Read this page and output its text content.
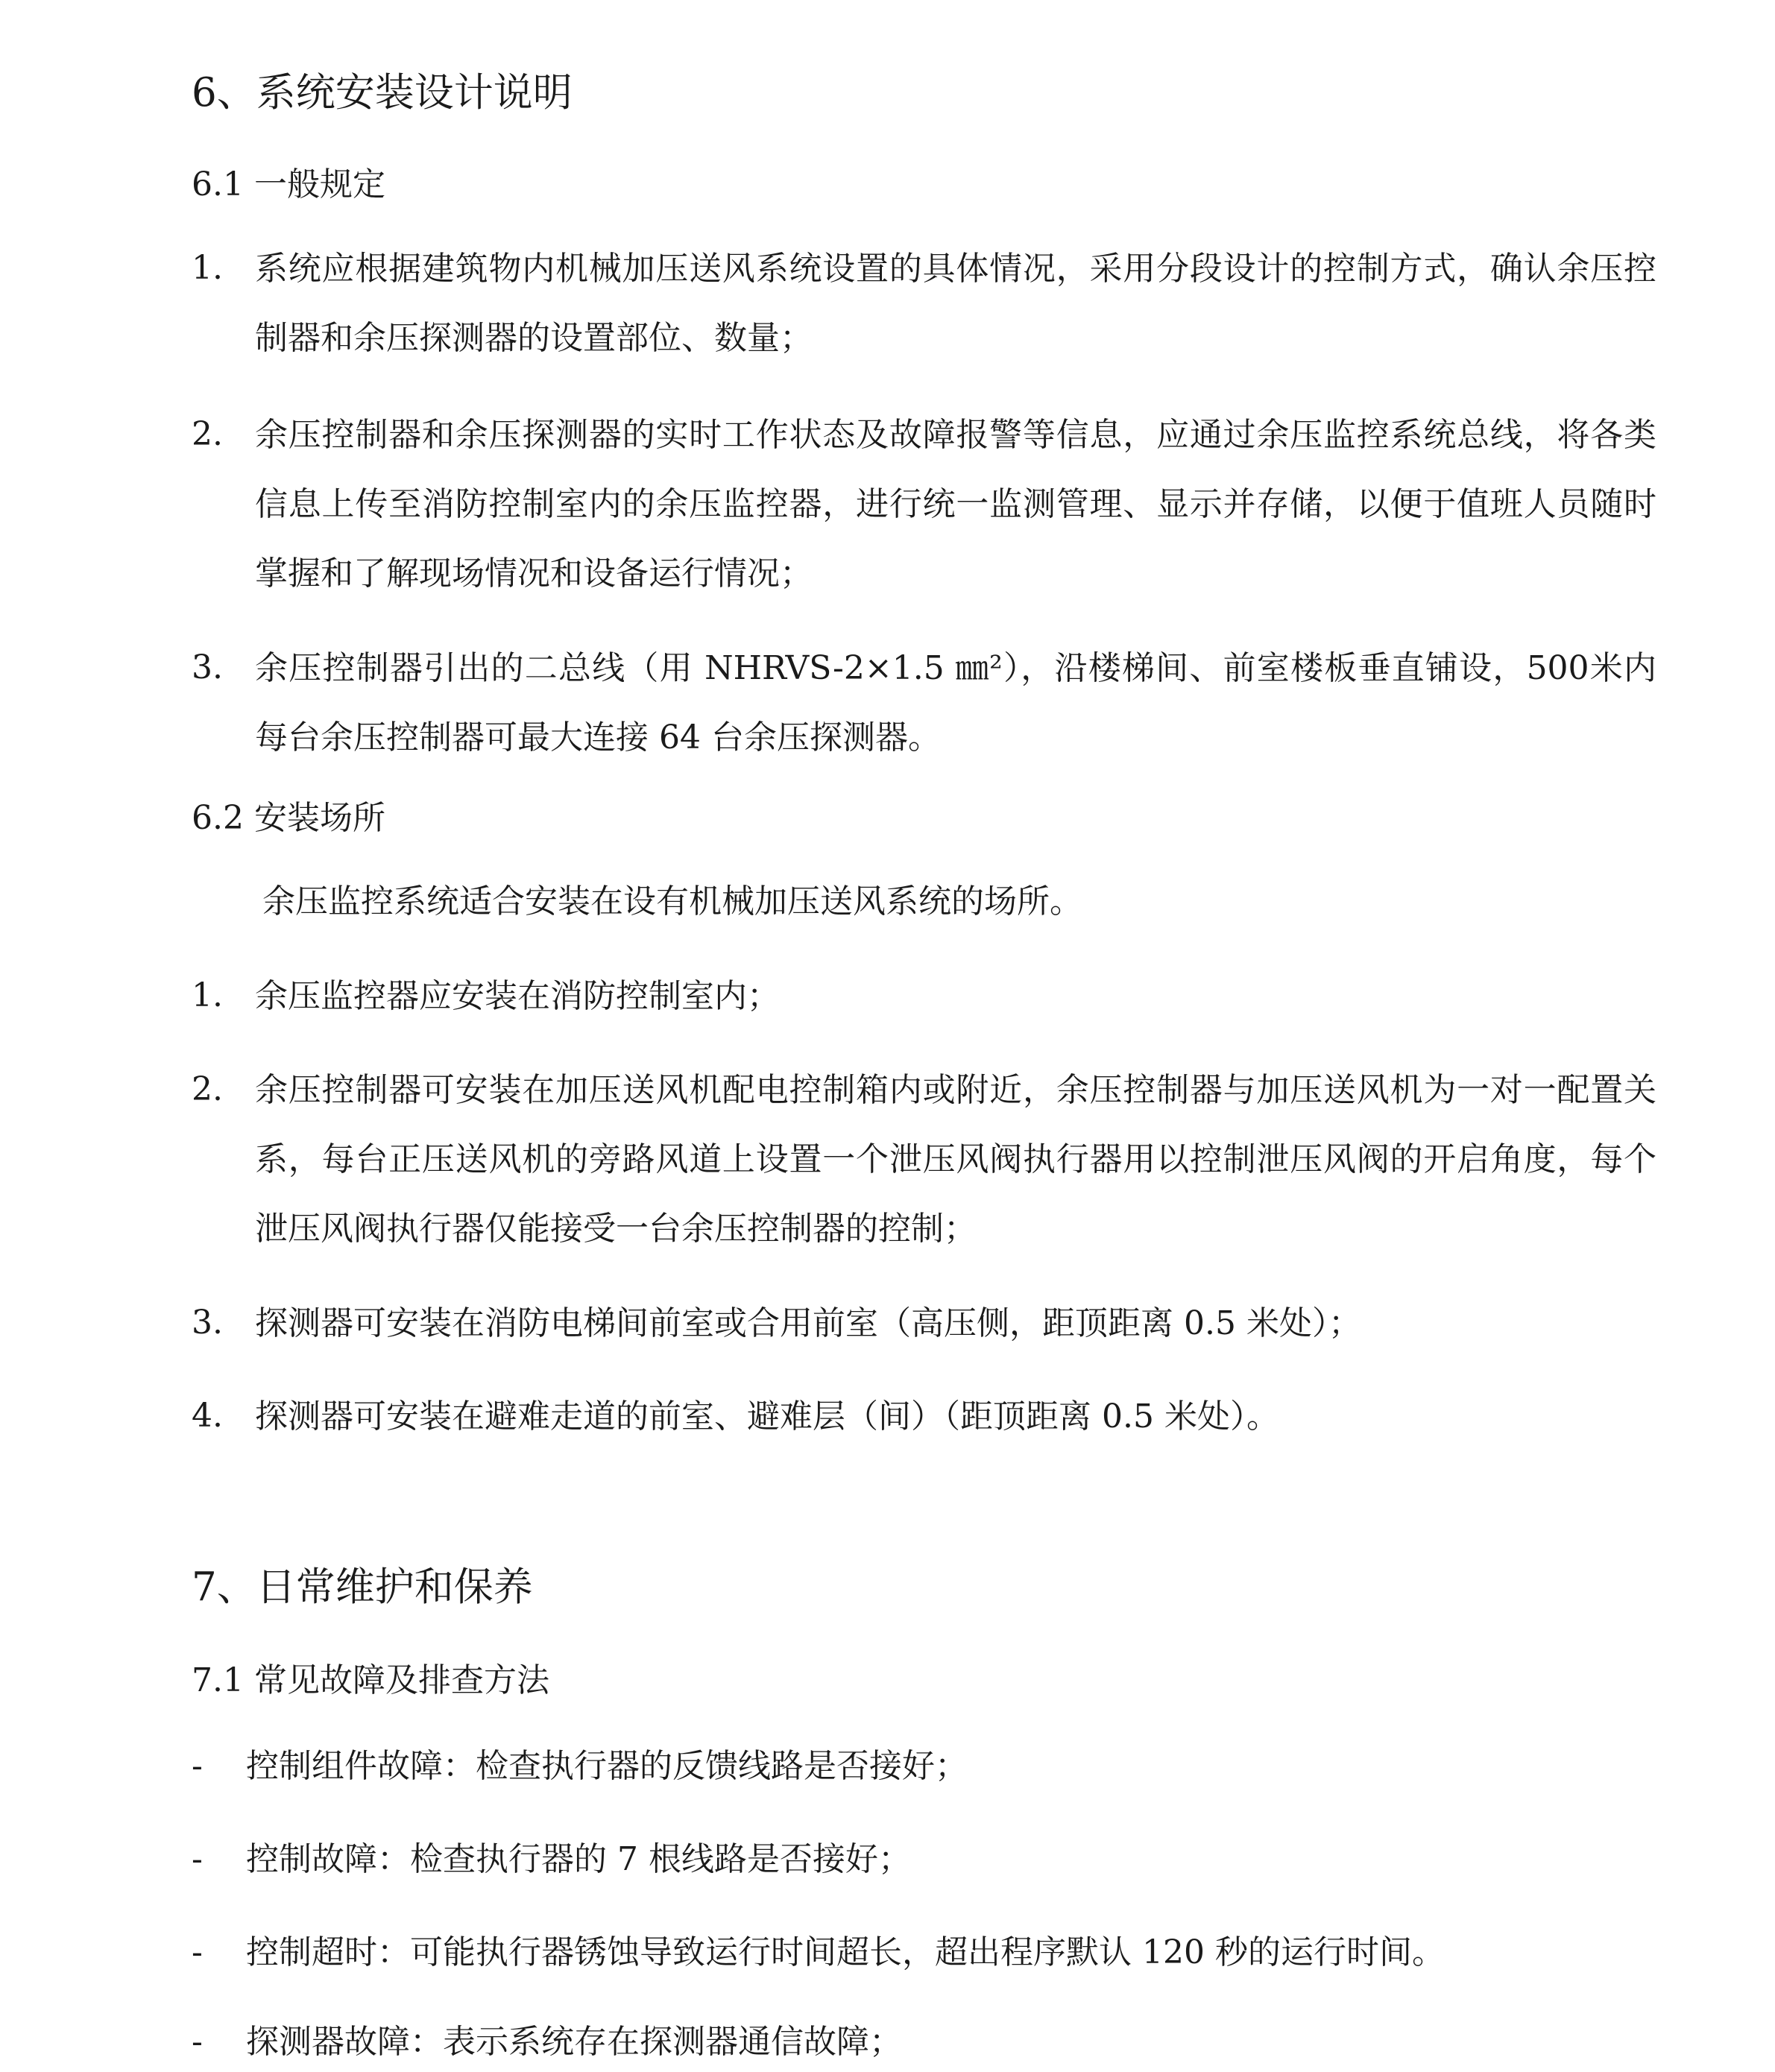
6、系统安装设计说明
6.1 一般规定
1. 系统应根据建筑物内机械加压送风系统设置的具体情况，采用分段设计的控制方式，确认余压控制器和余压探测器的设置部位、数量；
2. 余压控制器和余压探测器的实时工作状态及故障报警等信息，应通过余压监控系统总线，将各类信息上传至消防控制室内的余压监控器，进行统一监测管理、显示并存储，以便于值班人员随时掌握和了解现场情况和设备运行情况；
3. 余压控制器引出的二总线（用 NHRVS-2×1.5 ㎜²），沿楼梯间、前室楼板垂直铺设，500米内每台余压控制器可最大连接 64 台余压探测器。
6.2 安装场所
余压监控系统适合安装在设有机械加压送风系统的场所。
1. 余压监控器应安装在消防控制室内；
2. 余压控制器可安装在加压送风机配电控制箱内或附近，余压控制器与加压送风机为一对一配置关系，每台正压送风机的旁路风道上设置一个泄压风阀执行器用以控制泄压风阀的开启角度，每个泄压风阀执行器仅能接受一台余压控制器的控制；
3. 探测器可安装在消防电梯间前室或合用前室（高压侧，距顶距离 0.5 米处）；
4. 探测器可安装在避难走道的前室、避难层（间）（距顶距离 0.5 米处）。
7、日常维护和保养
7.1 常见故障及排查方法
- 控制组件故障：检查执行器的反馈线路是否接好；
- 控制故障：检查执行器的 7 根线路是否接好；
- 控制超时：可能执行器锈蚀导致运行时间超长，超出程序默认 120 秒的运行时间。
- 探测器故障：表示系统存在探测器通信故障；
